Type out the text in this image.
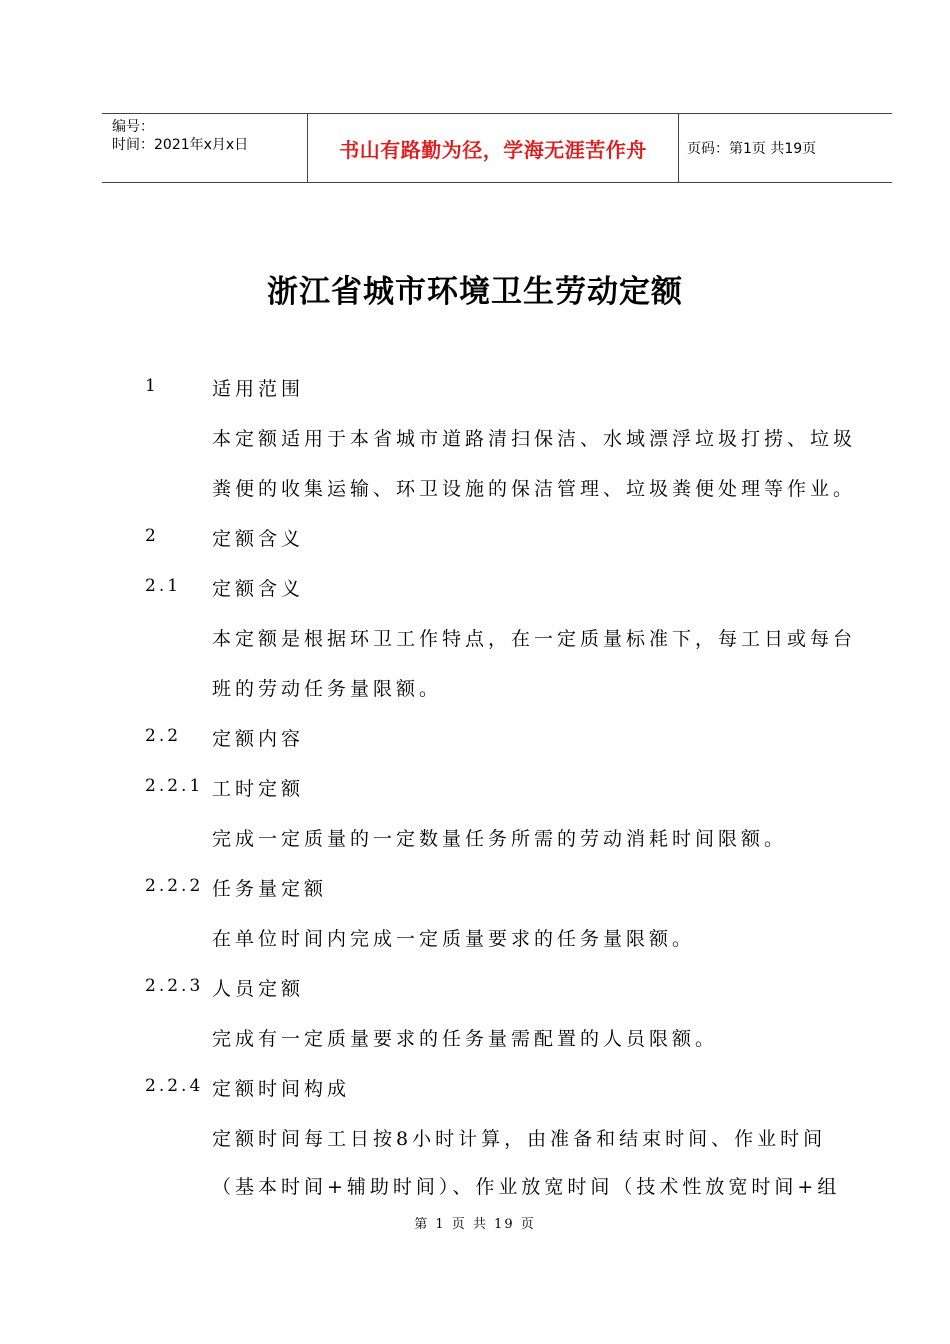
编号：
时间：2021年x月x日	书山有路勤为径，学海无涯苦作舟	页码：第1页 共19页
浙江省城市环境卫生劳动定额
1	适用范围
本定额适用于本省城市道路清扫保洁、水域漂浮垃圾打捞、垃圾
粪便的收集运输、环卫设施的保洁管理、垃圾粪便处理等作业。
2	定额含义
2.1 定额含义
本定额是根据环卫工作特点，在一定质量标准下，每工日或每台
班的劳动任务量限额。
2.2 定额内容
2.2.1 工时定额
完成一定质量的一定数量任务所需的劳动消耗时间限额。
2.2.2 任务量定额
在单位时间内完成一定质量要求的任务量限额。
2.2.3 人员定额
完成有一定质量要求的任务量需配置的人员限额。
2.2.4 定额时间构成
定额时间每工日按8小时计算，由准备和结束时间、作业时间
（基本时间+辅助时间）、作业放宽时间（技术性放宽时间+组
第 1 页 共 19 页
